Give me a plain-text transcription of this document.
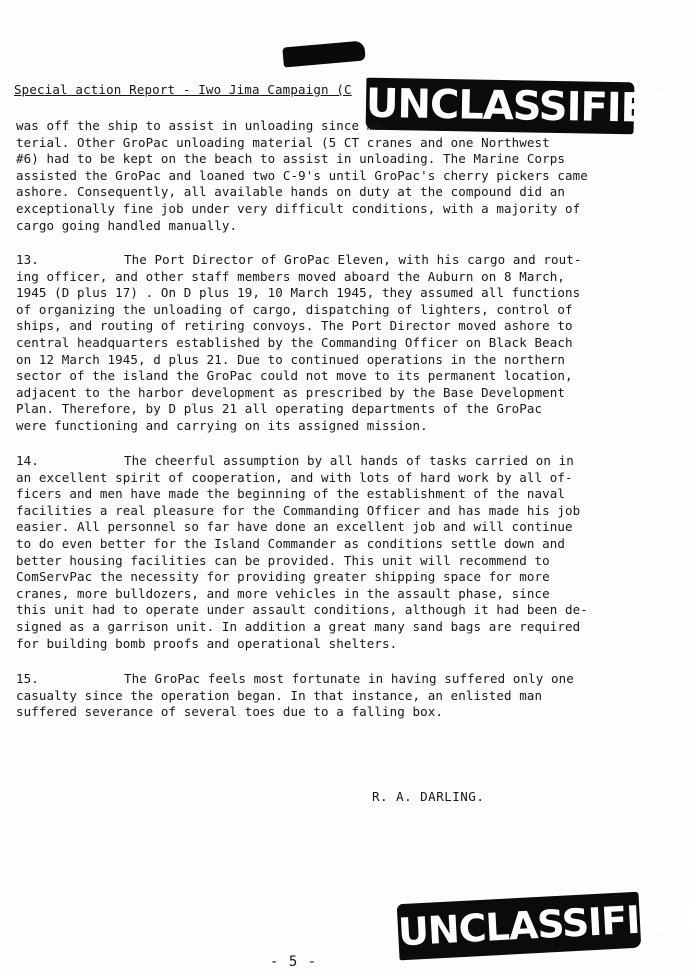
Special action Report - Iwo Jima Campaign (C UNCLASSIFIED
was off the ship to assist in unloading since ma-
terial. Other GroPac unloading material (5 CT cranes and one Northwest
#6) had to be kept on the beach to assist in unloading. The Marine Corps
assisted the GroPac and loaned two C-9's until GroPac's cherry pickers came
ashore. Consequently, all available hands on duty at the compound did an
exceptionally fine job under very difficult conditions, with a majority of
cargo going handled manually.
13.	The Port Director of GroPac Eleven, with his cargo and rout-
ing officer, and other staff members moved aboard the Auburn on 8 March,
1945 (D plus 17) . On D plus 19, 10 March 1945, they assumed all functions
of organizing the unloading of cargo, dispatching of lighters, control of
ships, and routing of retiring convoys. The Port Director moved ashore to
central headquarters established by the Commanding Officer on Black Beach
on 12 March 1945, d plus 21. Due to continued operations in the northern
sector of the island the GroPac could not move to its permanent location,
adjacent to the harbor development as prescribed by the Base Development
Plan. Therefore, by D plus 21 all operating departments of the GroPac
were functioning and carrying on its assigned mission.
14.	The cheerful assumption by all hands of tasks carried on in
an excellent spirit of cooperation, and with lots of hard work by all of-
ficers and men have made the beginning of the establishment of the naval
facilities a real pleasure for the Commanding Officer and has made his job
easier. All personnel so far have done an excellent job and will continue
to do even better for the Island Commander as conditions settle down and
better housing facilities can be provided. This unit will recommend to
ComServPac the necessity for providing greater shipping space for more
cranes, more bulldozers, and more vehicles in the assault phase, since
this unit had to operate under assault conditions, although it had been de-
signed as a garrison unit. In addition a great many sand bags are required
for building bomb proofs and operational shelters.
15.	The GroPac feels most fortunate in having suffered only one
casualty since the operation began. In that instance, an enlisted man
suffered severance of several toes due to a falling box.
R. A. DARLING.
UNCLASSIFIED
- 5 -
